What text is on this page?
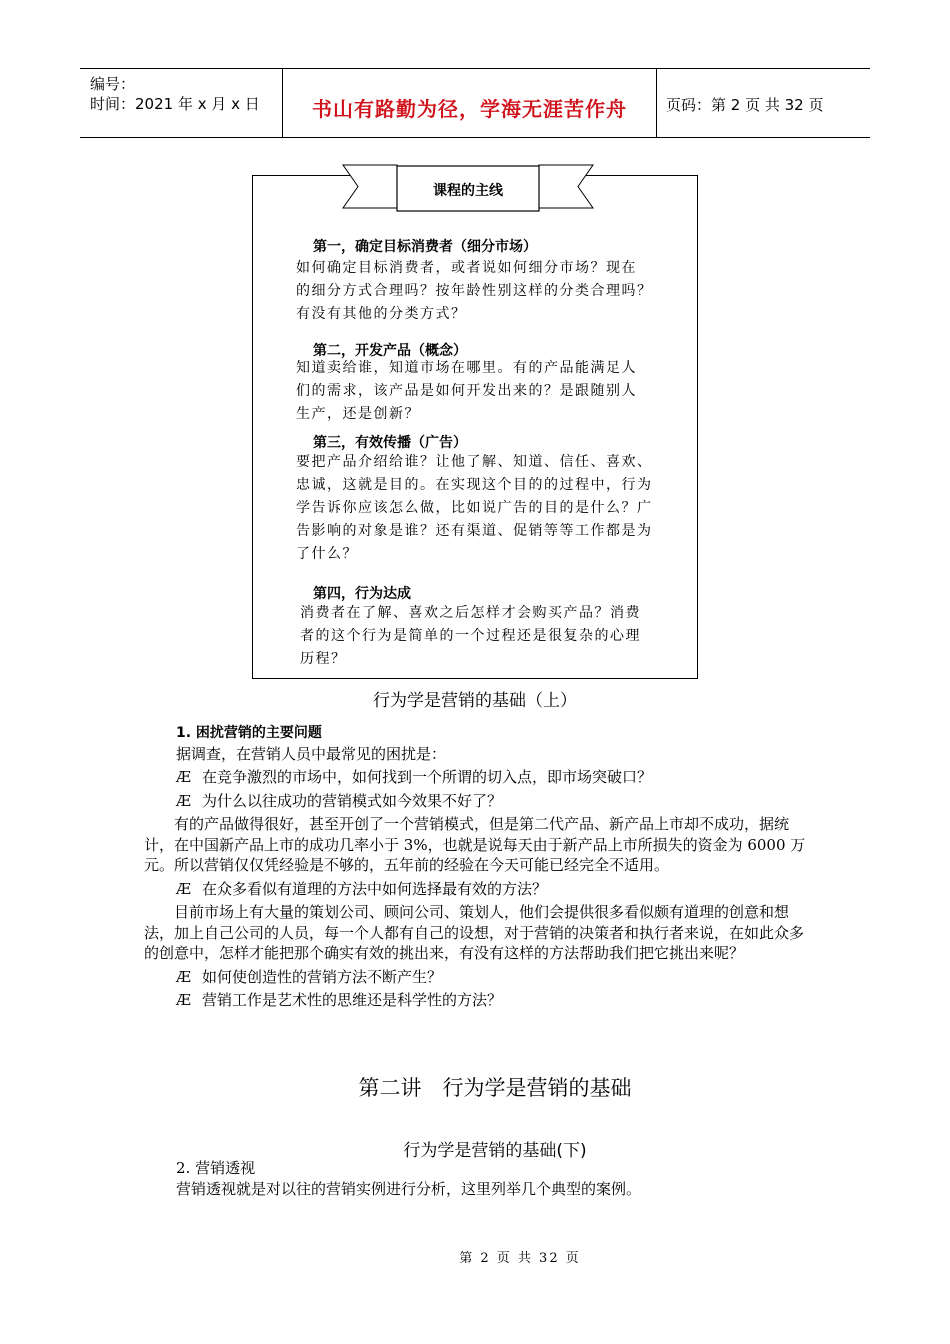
编号：
时间：2021 年 x 月 x 日	书山有路勤为径，学海无涯苦作舟	页码：第 2 页 共 32 页
课程的主线
第一，确定目标消费者（细分市场）
如何确定目标消费者，或者说如何细分市场？现在
的细分方式合理吗？按年龄性别这样的分类合理吗？
有没有其他的分类方式？
第二，开发产品（概念）
知道卖给谁，知道市场在哪里。有的产品能满足人
们的需求，该产品是如何开发出来的？是跟随别人
生产，还是创新？
第三，有效传播（广告）
要把产品介绍给谁？让他了解、知道、信任、喜欢、
忠诚，这就是目的。在实现这个目的的过程中，行为
学告诉你应该怎么做，比如说广告的目的是什么？广
告影响的对象是谁？还有渠道、促销等等工作都是为
了什么？
第四，行为达成
消费者在了解、喜欢之后怎样才会购买产品？消费
者的这个行为是简单的一个过程还是很复杂的心理
历程？
行为学是营销的基础（上）
1. 困扰营销的主要问题
据调查，在营销人员中最常见的困扰是：
Æ 在竞争激烈的市场中，如何找到一个所谓的切入点，即市场突破口？
Æ 为什么以往成功的营销模式如今效果不好了？
有的产品做得很好，甚至开创了一个营销模式，但是第二代产品、新产品上市却不成功，据统计，在中国新产品上市的成功几率小于 3%，也就是说每天由于新产品上市所损失的资金为 6000 万元。所以营销仅仅凭经验是不够的，五年前的经验在今天可能已经完全不适用。
Æ 在众多看似有道理的方法中如何选择最有效的方法？
目前市场上有大量的策划公司、顾问公司、策划人，他们会提供很多看似颇有道理的创意和想法，加上自己公司的人员，每一个人都有自己的设想，对于营销的决策者和执行者来说，在如此众多的创意中，怎样才能把那个确实有效的挑出来，有没有这样的方法帮助我们把它挑出来呢？
Æ 如何使创造性的营销方法不断产生？
Æ 营销工作是艺术性的思维还是科学性的方法？
第二讲　行为学是营销的基础
行为学是营销的基础(下)
2. 营销透视
营销透视就是对以往的营销实例进行分析，这里列举几个典型的案例。
第 2 页 共 32 页
